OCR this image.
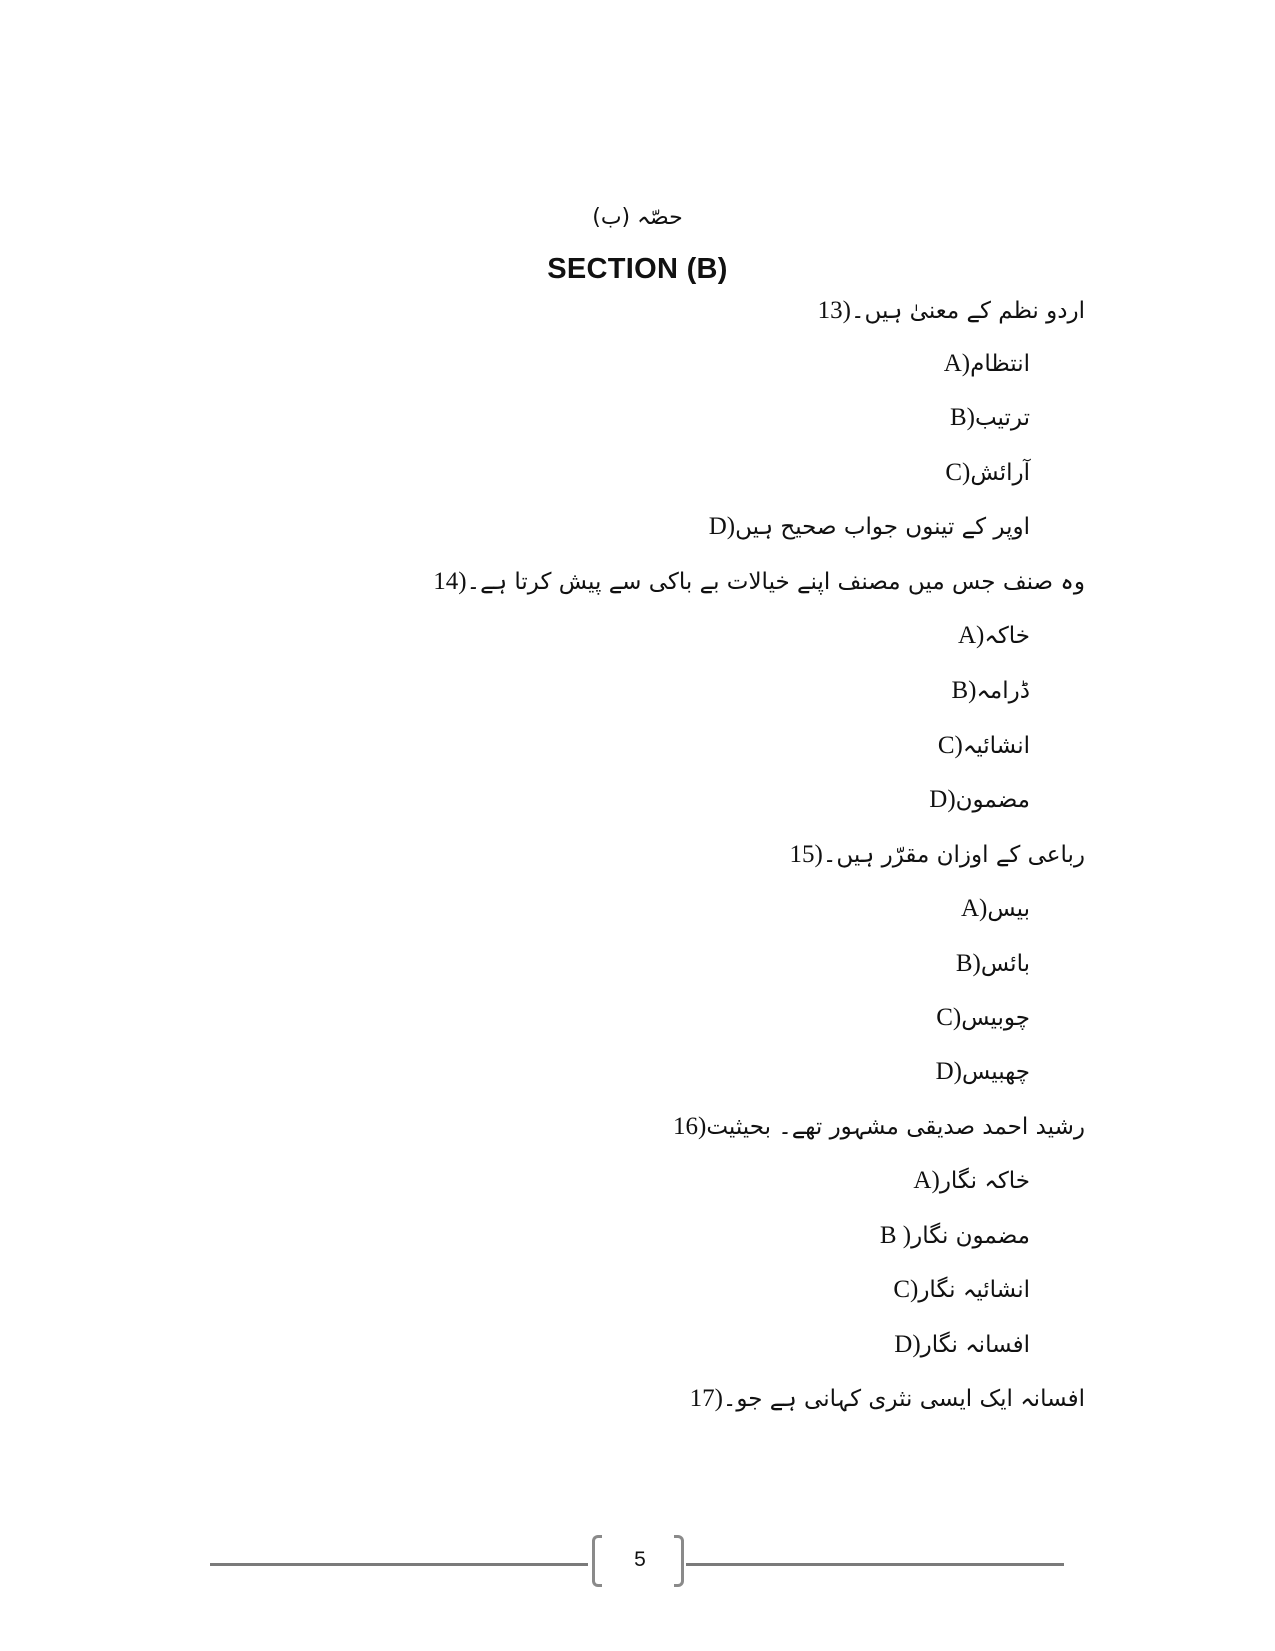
حصّہ (ب)
SECTION (B)
13)اردو نظم کے معنیٰ ہیں۔
A)انتظام
B)ترتیب
C)آرائش
D)اوپر کے تینوں جواب صحیح ہیں
14)وہ صنف جس میں مصنف اپنے خیالات بے باکی سے پیش کرتا ہے۔
A)خاکہ
B)ڈرامہ
C)انشائیہ
D)مضمون
15)رباعی کے اوزان مقرّر ہیں۔
A)بیس
B)بائس
C)چوبیس
D)چھبیس
16)رشید احمد صدیقی مشہور تھے۔ بحیثیت
A)خاکہ نگار
B )مضمون نگار
C)انشائیہ نگار
D)افسانہ نگار
17)افسانہ ایک ایسی نثری کہانی ہے جو۔
5
